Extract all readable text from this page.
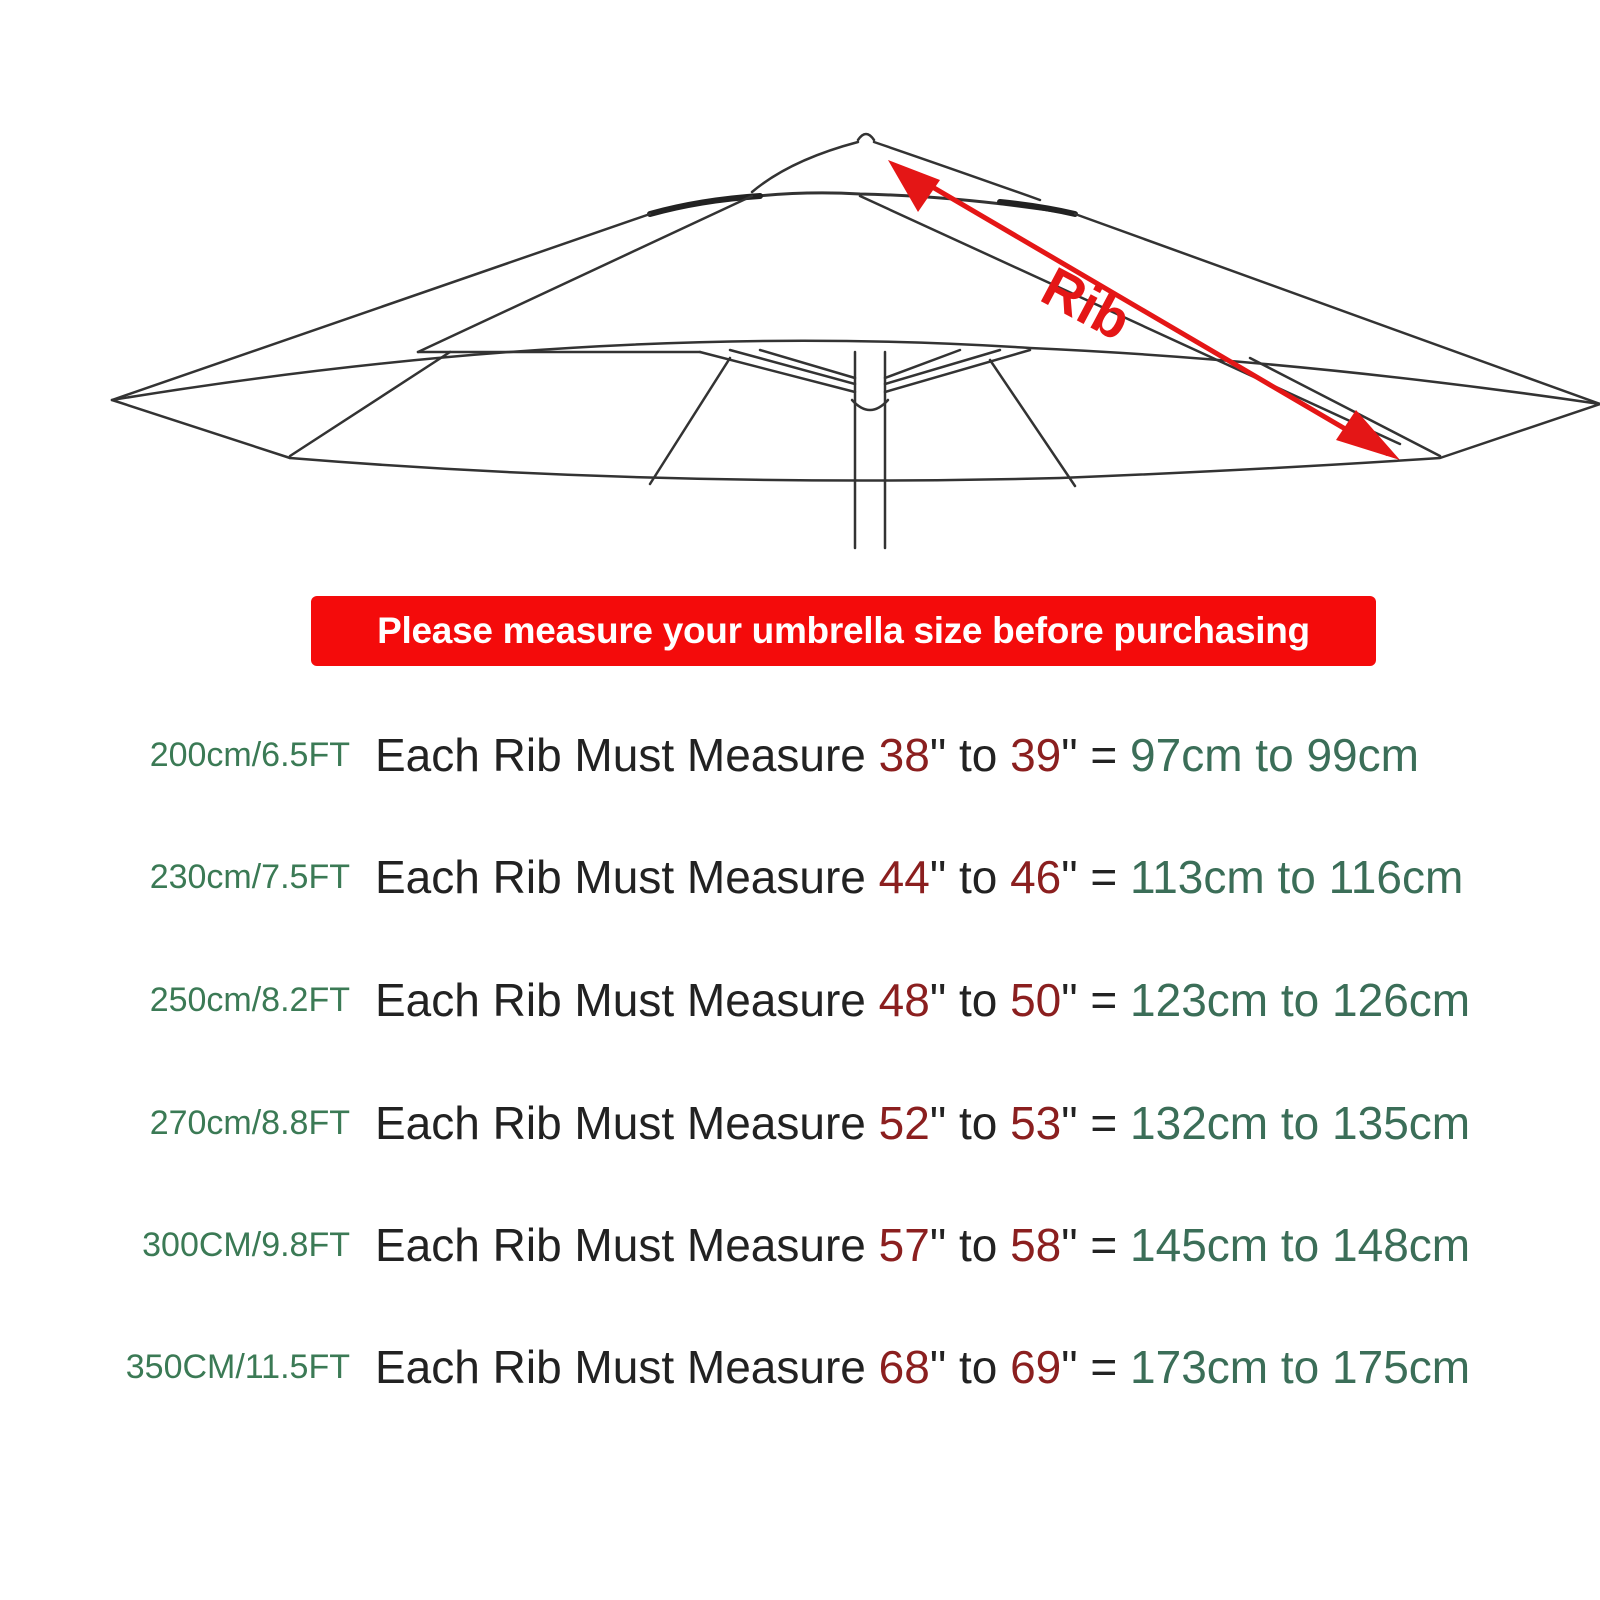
Rib
Please measure your umbrella size before purchasing
200cm/6.5FT Each Rib Must Measure 38" to 39" = 97cm to 99cm
230cm/7.5FT Each Rib Must Measure 44" to 46" = 113cm to 116cm
250cm/8.2FT Each Rib Must Measure 48" to 50" = 123cm to 126cm
270cm/8.8FT Each Rib Must Measure 52" to 53" = 132cm to 135cm
300CM/9.8FT Each Rib Must Measure 57" to 58" = 145cm to 148cm
350CM/11.5FT Each Rib Must Measure 68" to 69" = 173cm to 175cm
